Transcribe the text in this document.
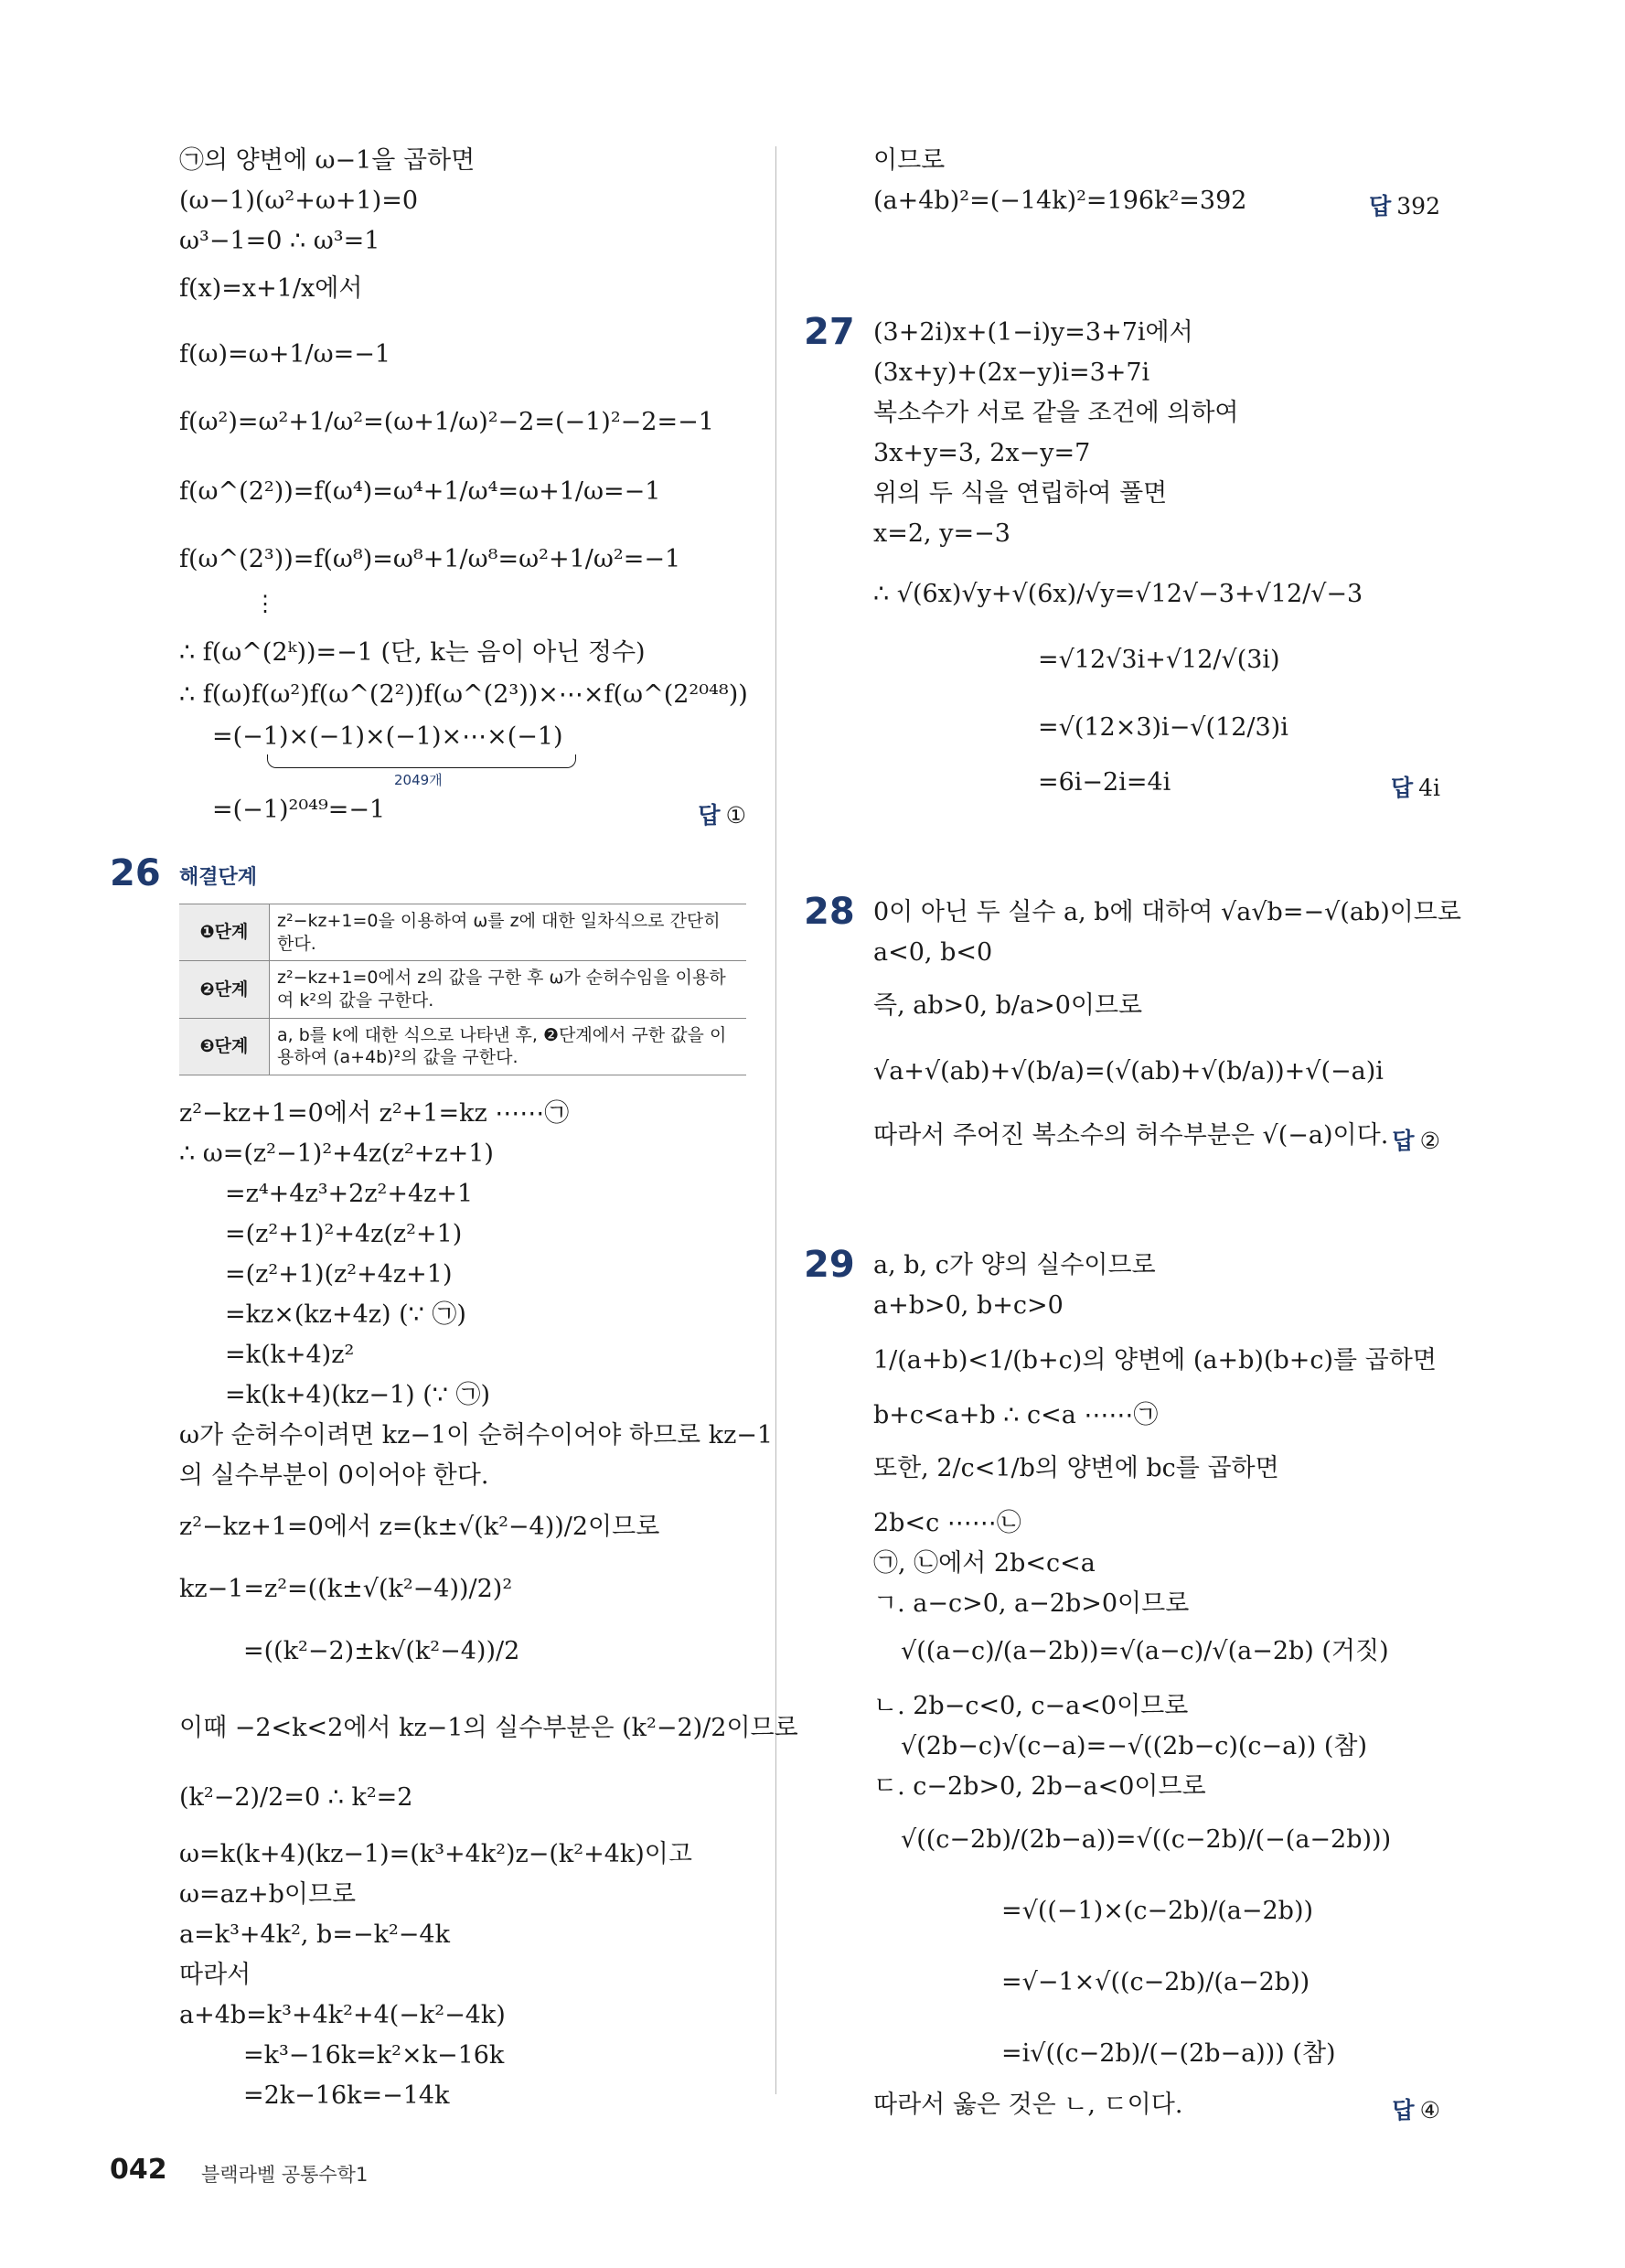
㉠의 양변에 ω−1을 곱하면
(ω−1)(ω²+ω+1)=0
ω³−1=0 ∴ ω³=1
f(x)=x+1/x에서
f(ω)=ω+1/ω=−1
f(ω²)=ω²+1/ω²=(ω+1/ω)²−2=(−1)²−2=−1
f(ω^(2²))=f(ω⁴)=ω⁴+1/ω⁴=ω+1/ω=−1
f(ω^(2³))=f(ω⁸)=ω⁸+1/ω⁸=ω²+1/ω²=−1
⋮
∴ f(ω^(2ᵏ))=−1 (단, k는 음이 아닌 정수)
∴ f(ω)f(ω²)f(ω^(2²))f(ω^(2³))×⋯×f(ω^(2²⁰⁴⁸))
=(−1)×(−1)×(−1)×⋯×(−1)
2049개
=(−1)²⁰⁴⁹=−1	답 ①
26 해결단계
❶단계	z²−kz+1=0을 이용하여 ω를 z에 대한 일차식으로 간단히 한다.
❷단계	z²−kz+1=0에서 z의 값을 구한 후 ω가 순허수임을 이용하여 k²의 값을 구한다.
❸단계	a, b를 k에 대한 식으로 나타낸 후, ❷단계에서 구한 값을 이용하여 (a+4b)²의 값을 구한다.
z²−kz+1=0에서 z²+1=kz ⋯⋯㉠
∴ ω=(z²−1)²+4z(z²+z+1)
=z⁴+4z³+2z²+4z+1
=(z²+1)²+4z(z²+1)
=(z²+1)(z²+4z+1)
=kz×(kz+4z) (∵ ㉠)
=k(k+4)z²
=k(k+4)(kz−1) (∵ ㉠)
ω가 순허수이려면 kz−1이 순허수이어야 하므로 kz−1
의 실수부분이 0이어야 한다.
z²−kz+1=0에서 z=(k±√(k²−4))/2이므로
kz−1=z²=((k±√(k²−4))/2)²
=((k²−2)±k√(k²−4))/2
이때 −2<k<2에서 kz−1의 실수부분은 (k²−2)/2이므로
(k²−2)/2=0 ∴ k²=2
ω=k(k+4)(kz−1)=(k³+4k²)z−(k²+4k)이고
ω=az+b이므로
a=k³+4k², b=−k²−4k
따라서
a+4b=k³+4k²+4(−k²−4k)
=k³−16k=k²×k−16k
=2k−16k=−14k
이므로
(a+4b)²=(−14k)²=196k²=392	답 392
27 (3+2i)x+(1−i)y=3+7i에서
(3x+y)+(2x−y)i=3+7i
복소수가 서로 같을 조건에 의하여
3x+y=3, 2x−y=7
위의 두 식을 연립하여 풀면
x=2, y=−3
∴ √(6x)√y+√(6x)/√y=√12√−3+√12/√−3
=√12√3i+√12/√(3i)
=√(12×3)i−√(12/3)i
=6i−2i=4i	답 4i
28 0이 아닌 두 실수 a, b에 대하여 √a√b=−√(ab)이므로
a<0, b<0
즉, ab>0, b/a>0이므로
√a+√(ab)+√(b/a)=(√(ab)+√(b/a))+√(−a)i
따라서 주어진 복소수의 허수부분은 √(−a)이다. 답 ②
29 a, b, c가 양의 실수이므로
a+b>0, b+c>0
1/(a+b)<1/(b+c)의 양변에 (a+b)(b+c)를 곱하면
b+c<a+b ∴ c<a ⋯⋯㉠
또한, 2/c<1/b의 양변에 bc를 곱하면
2b<c ⋯⋯㉡
㉠, ㉡에서 2b<c<a
ㄱ. a−c>0, a−2b>0이므로
√((a−c)/(a−2b))=√(a−c)/√(a−2b) (거짓)
ㄴ. 2b−c<0, c−a<0이므로
√(2b−c)√(c−a)=−√((2b−c)(c−a)) (참)
ㄷ. c−2b>0, 2b−a<0이므로
√((c−2b)/(2b−a))=√((c−2b)/(−(a−2b)))
=√((−1)×(c−2b)/(a−2b))
=√−1×√((c−2b)/(a−2b))
=i√((c−2b)/(−(2b−a))) (참)
따라서 옳은 것은 ㄴ, ㄷ이다.	답 ④
042 블랙라벨 공통수학1
